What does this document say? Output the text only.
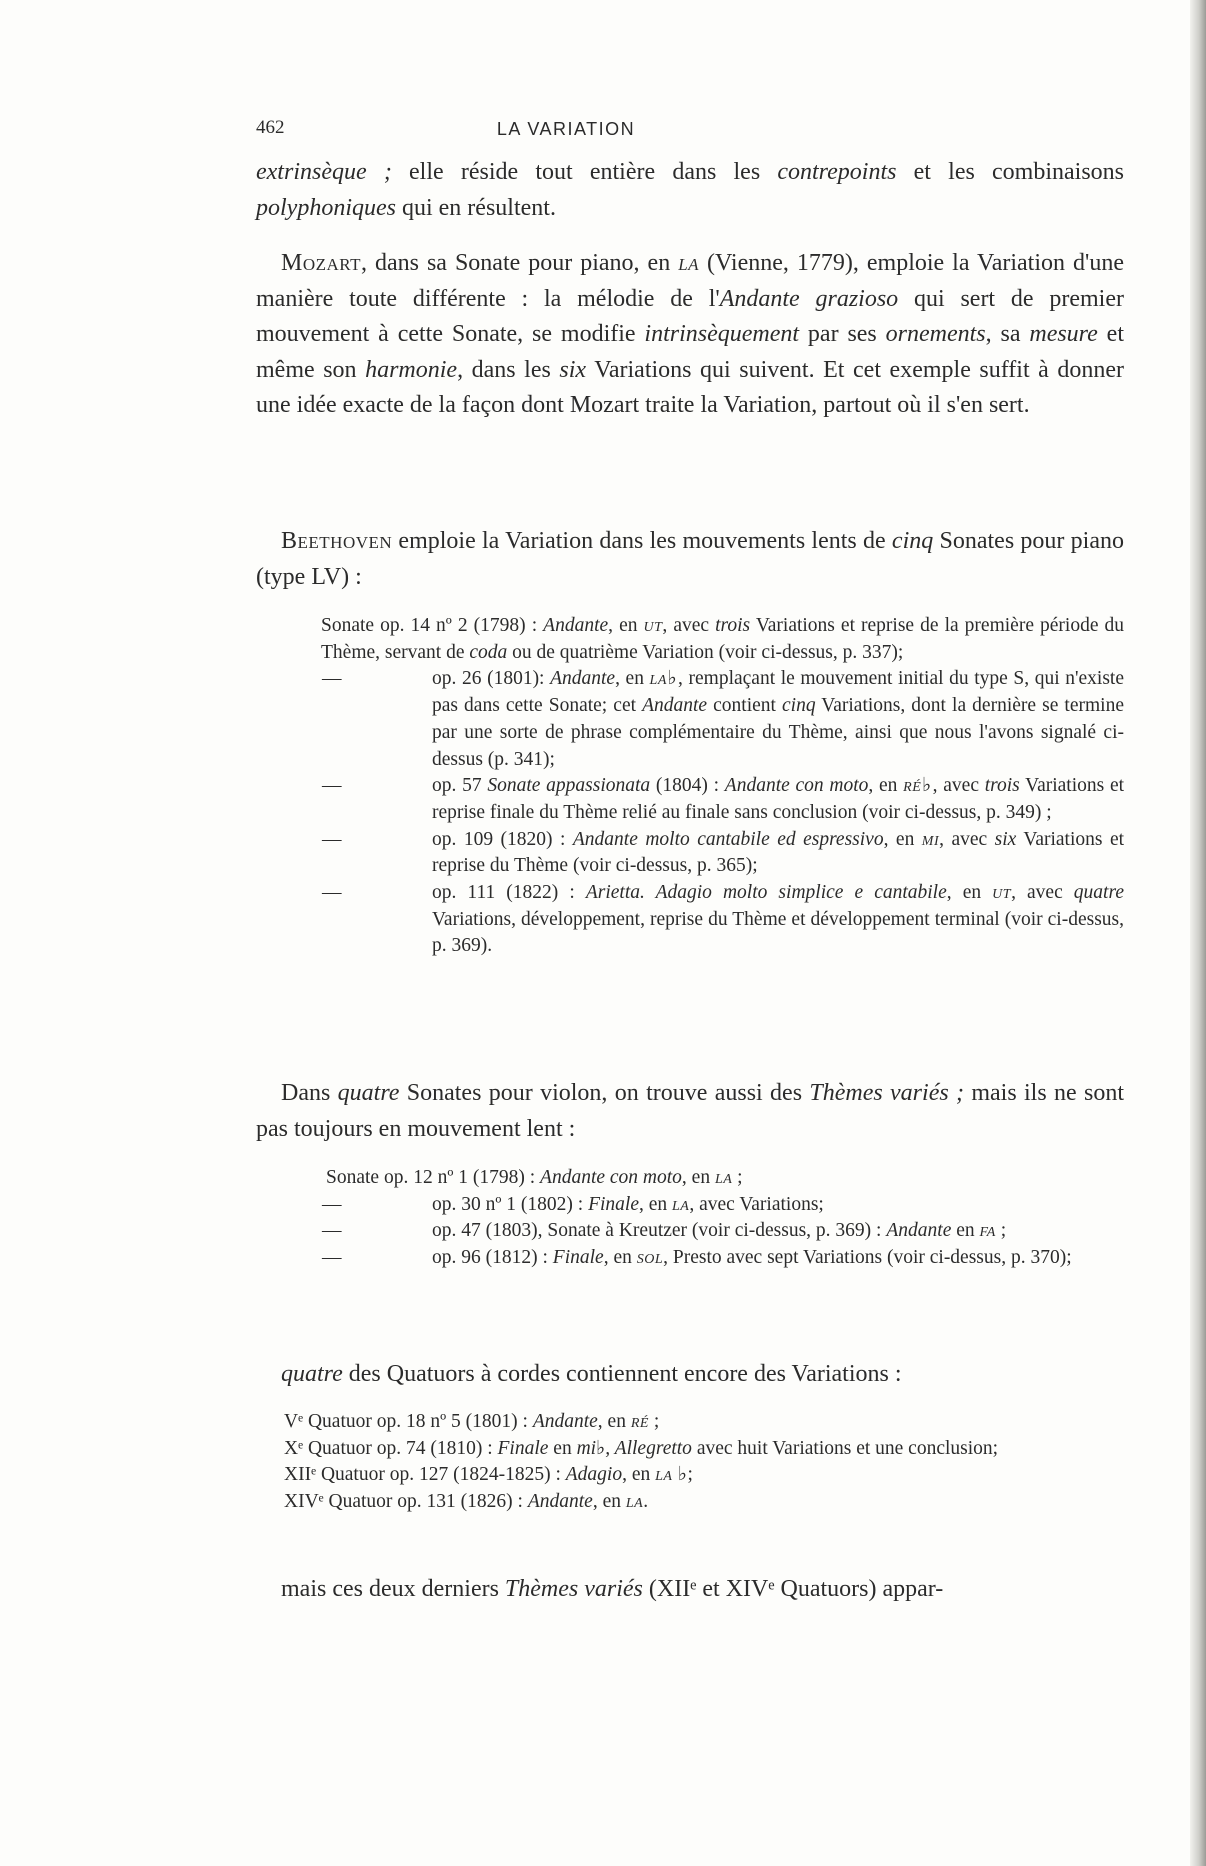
462	LA VARIATION

extrinsèque ; elle réside tout entière dans les contrepoints et les combinaisons polyphoniques qui en résultent.

Mozart, dans sa Sonate pour piano, en la (Vienne, 1779), emploie la Variation d'une manière toute différente : la mélodie de l'Andante grazioso qui sert de premier mouvement à cette Sonate, se modifie intrinsèquement par ses ornements, sa mesure et même son harmonie, dans les six Variations qui suivent. Et cet exemple suffit à donner une idée exacte de la façon dont Mozart traite la Variation, partout où il s'en sert.

Beethoven emploie la Variation dans les mouvements lents de cinq Sonates pour piano (type LV) :

Sonate op. 14 nº 2 (1798) : Andante, en ut, avec trois Variations et reprise de la première période du Thème, servant de coda ou de quatrième Variation (voir ci-dessus, p. 337);

—	op. 26 (1801): Andante, en la♭, remplaçant le mouvement initial du type S, qui n'existe pas dans cette Sonate; cet Andante contient cinq Variations, dont la dernière se termine par une sorte de phrase complémentaire du Thème, ainsi que nous l'avons signalé ci-dessus (p. 341);

—	op. 57 Sonate appassionata (1804) : Andante con moto, en ré♭, avec trois Variations et reprise finale du Thème relié au finale sans conclusion (voir ci-dessus, p. 349) ;

—	op. 109 (1820) : Andante molto cantabile ed espressivo, en mi, avec six Variations et reprise du Thème (voir ci-dessus, p. 365);

—	op. 111 (1822) : Arietta. Adagio molto simplice e cantabile, en ut, avec quatre Variations, développement, reprise du Thème et développement terminal (voir ci-dessus, p. 369).

Dans quatre Sonates pour violon, on trouve aussi des Thèmes variés ; mais ils ne sont pas toujours en mouvement lent :

Sonate op. 12 nº 1 (1798) : Andante con moto, en la ;

—	op. 30 nº 1 (1802) : Finale, en la, avec Variations;

—	op. 47 (1803), Sonate à Kreutzer (voir ci-dessus, p. 369) : Andante en fa ;

—	op. 96 (1812) : Finale, en sol, Presto avec sept Variations (voir ci-dessus, p. 370);

quatre des Quatuors à cordes contiennent encore des Variations :

Vᵉ Quatuor op. 18 nº 5 (1801) : Andante, en ré ;

Xᵉ Quatuor op. 74 (1810) : Finale en mi♭, Allegretto avec huit Variations et une conclusion;

XIIᵉ Quatuor op. 127 (1824-1825) : Adagio, en la ♭;

XIVᵉ Quatuor op. 131 (1826) : Andante, en la.

mais ces deux derniers Thèmes variés (XIIᵉ et XIVᵉ Quatuors) appar-
